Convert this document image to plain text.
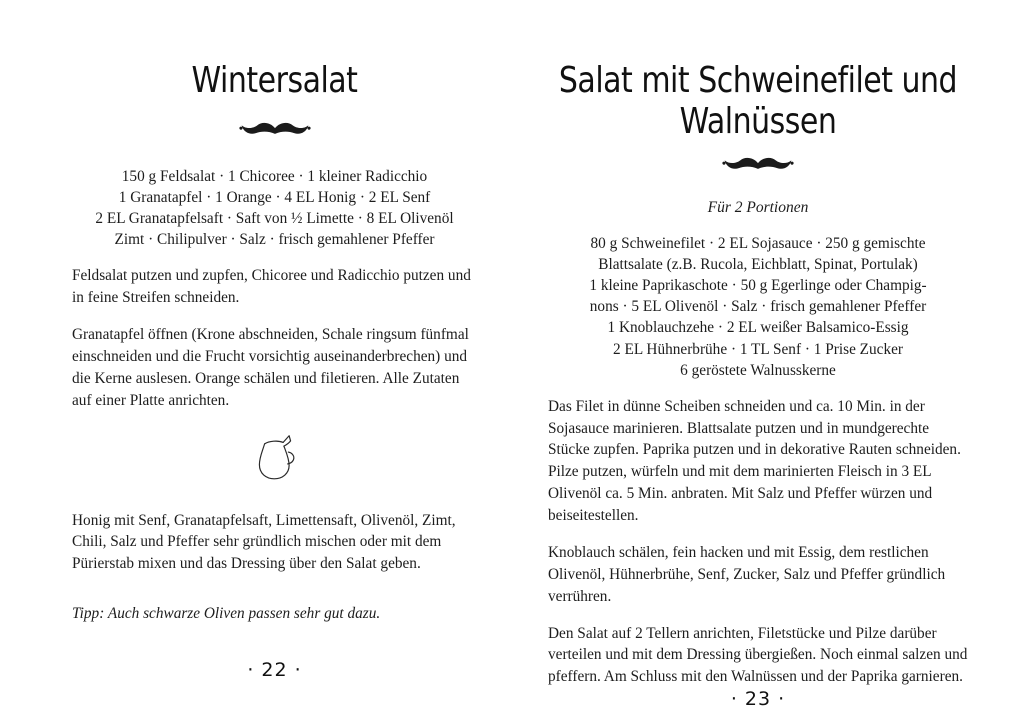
Wintersalat
150 g Feldsalat · 1 Chicoree · 1 kleiner Radicchio
1 Granatapfel · 1 Orange · 4 EL Honig · 2 EL Senf
2 EL Granatapfelsaft · Saft von ½ Limette · 8 EL Olivenöl
Zimt · Chilipulver · Salz · frisch gemahlener Pfeffer

Feldsalat putzen und zupfen, Chicoree und Radicchio putzen und in feine Streifen schneiden.

Granatapfel öffnen (Krone abschneiden, Schale ringsum fünfmal einschneiden und die Frucht vorsichtig auseinanderbrechen) und die Kerne auslesen. Orange schälen und filetieren. Alle Zutaten auf einer Platte anrichten.

Honig mit Senf, Granatapfelsaft, Limettensaft, Olivenöl, Zimt, Chili, Salz und Pfeffer sehr gründlich mischen oder mit dem Pürierstab mixen und das Dressing über den Salat geben.

Tipp: Auch schwarze Oliven passen sehr gut dazu.

· 22 ·
Salat mit Schweinefilet und Walnüssen
Für 2 Portionen
80 g Schweinefilet · 2 EL Sojasauce · 250 g gemischte
Blattsalate (z.B. Rucola, Eichblatt, Spinat, Portulak)
1 kleine Paprikaschote · 50 g Egerlinge oder Champig-
nons · 5 EL Olivenöl · Salz · frisch gemahlener Pfeffer
1 Knoblauchzehe · 2 EL weißer Balsamico-Essig
2 EL Hühnerbrühe · 1 TL Senf · 1 Prise Zucker
6 geröstete Walnusskerne

Das Filet in dünne Scheiben schneiden und ca. 10 Min. in der Sojasauce marinieren. Blattsalate putzen und in mundgerechte Stücke zupfen. Paprika putzen und in dekorative Rauten schneiden. Pilze putzen, würfeln und mit dem marinierten Fleisch in 3 EL Olivenöl ca. 5 Min. anbraten. Mit Salz und Pfeffer würzen und beiseitestellen.

Knoblauch schälen, fein hacken und mit Essig, dem restlichen Olivenöl, Hühnerbrühe, Senf, Zucker, Salz und Pfeffer gründlich verrühren.

Den Salat auf 2 Tellern anrichten, Filetstücke und Pilze darüber verteilen und mit dem Dressing übergießen. Noch einmal salzen und pfeffern. Am Schluss mit den Walnüssen und der Paprika garnieren.

· 23 ·
